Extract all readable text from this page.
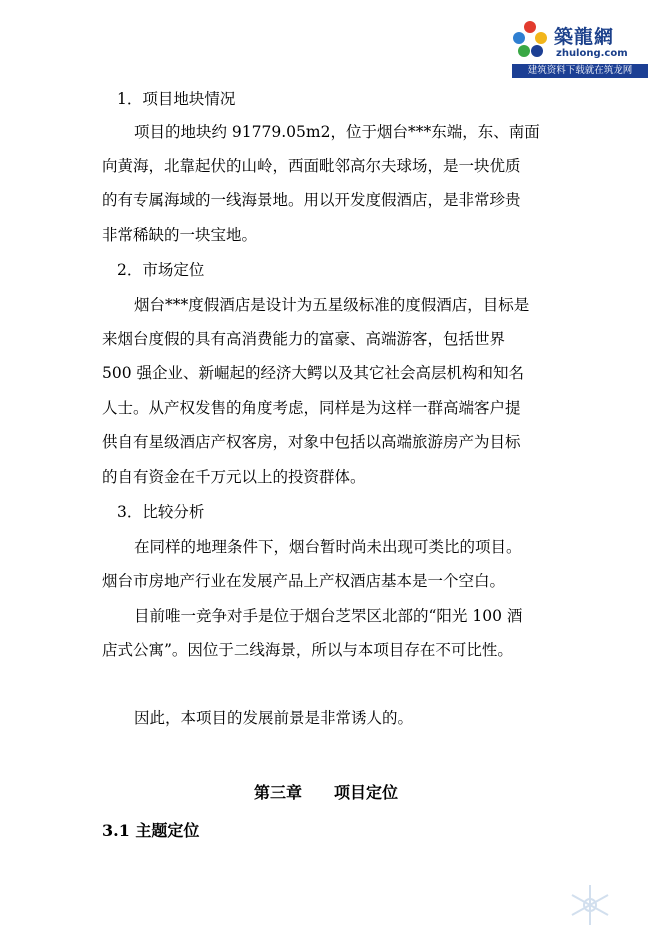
築龍網
zhulong.com
建筑资料下载就在筑龙网
1．项目地块情况
项目的地块约 91779.05m2，位于烟台***东端，东、南面
向黄海，北靠起伏的山岭，西面毗邻高尔夫球场，是一块优质
的有专属海域的一线海景地。用以开发度假酒店，是非常珍贵
非常稀缺的一块宝地。
2．市场定位
烟台***度假酒店是设计为五星级标准的度假酒店，目标是
来烟台度假的具有高消费能力的富豪、高端游客，包括世界
500 强企业、新崛起的经济大鳄以及其它社会高层机构和知名
人士。从产权发售的角度考虑，同样是为这样一群高端客户提
供自有星级酒店产权客房，对象中包括以高端旅游房产为目标
的自有资金在千万元以上的投资群体。
3．比较分析
在同样的地理条件下，烟台暂时尚未出现可类比的项目。
烟台市房地产行业在发展产品上产权酒店基本是一个空白。
目前唯一竞争对手是位于烟台芝罘区北部的“阳光 100 酒
店式公寓”。因位于二线海景，所以与本项目存在不可比性。
因此，本项目的发展前景是非常诱人的。
第三章 项目定位
3.1 主题定位
